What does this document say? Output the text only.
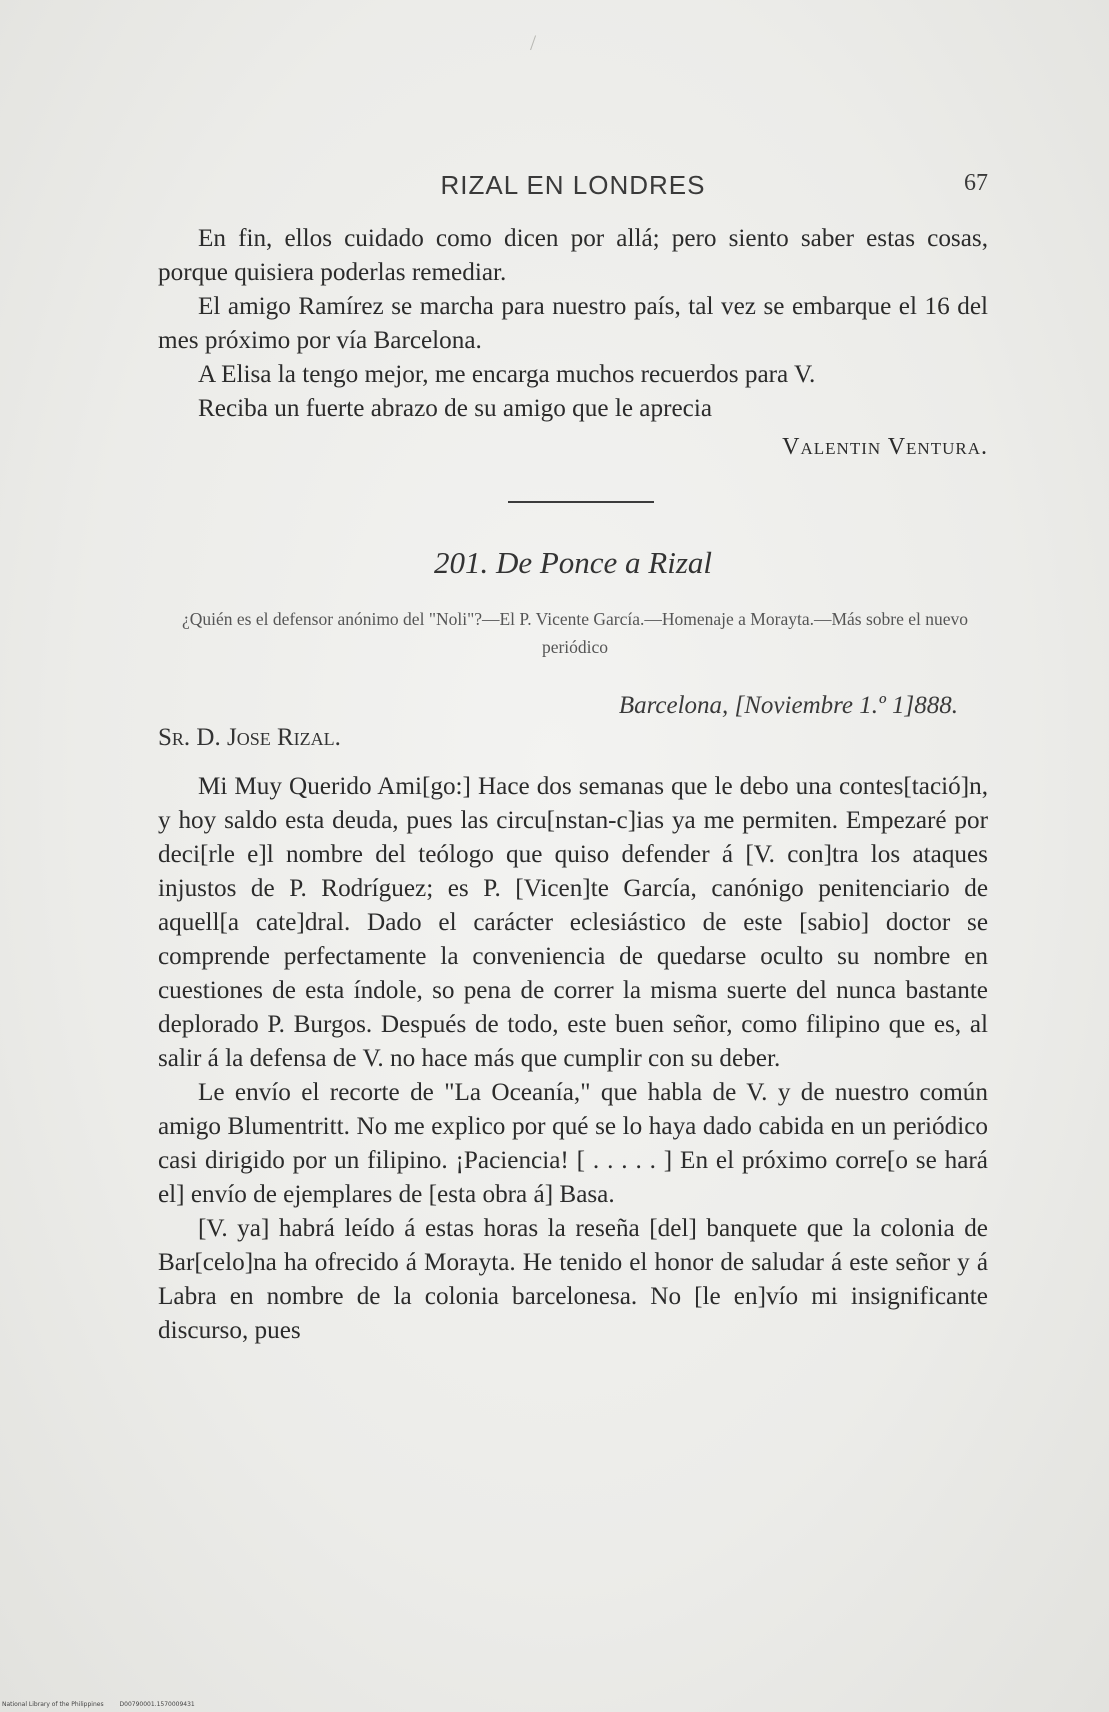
/
RIZAL EN LONDRES	67

En fin, ellos cuidado como dicen por allá; pero siento saber estas cosas, porque quisiera poderlas remediar.

El amigo Ramírez se marcha para nuestro país, tal vez se embarque el 16 del mes próximo por vía Barcelona.

A Elisa la tengo mejor, me encarga muchos recuerdos para V.

Reciba un fuerte abrazo de su amigo que le aprecia

Valentin Ventura.
201. De Ponce a Rizal
¿Quién es el defensor anónimo del "Noli"?—El P. Vicente García.—Homenaje a Morayta.—Más sobre el nuevo periódico
Barcelona, [Noviembre 1.º 1]888.
Sr. D. Jose Rizal.

Mi Muy Querido Ami[go:] Hace dos semanas que le debo una contes[tació]n, y hoy saldo esta deuda, pues las circu[nstan-c]ias ya me permiten. Empezaré por deci[rle e]l nombre del teólogo que quiso defender á [V. con]tra los ataques injustos de P. Rodríguez; es P. [Vicen]te García, canónigo penitenciario de aquell[a cate]dral. Dado el carácter eclesiástico de este [sabio] doctor se comprende perfectamente la conveniencia de quedarse oculto su nombre en cuestiones de esta índole, so pena de correr la misma suerte del nunca bastante deplorado P. Burgos. Después de todo, este buen señor, como filipino que es, al salir á la defensa de V. no hace más que cumplir con su deber.

Le envío el recorte de "La Oceanía," que habla de V. y de nuestro común amigo Blumentritt. No me explico por qué se lo haya dado cabida en un periódico casi dirigido por un filipino. ¡Paciencia! [ . . . . . ] En el próximo corre[o se hará el] envío de ejemplares de [esta obra á] Basa.

[V. ya] habrá leído á estas horas la reseña [del] banquete que la colonia de Bar[celo]na ha ofrecido á Morayta. He tenido el honor de saludar á este señor y á Labra en nombre de la colonia barcelonesa. No [le en]vío mi insignificante discurso, pues

National Library of the Philippines	D00790001.1570009431
